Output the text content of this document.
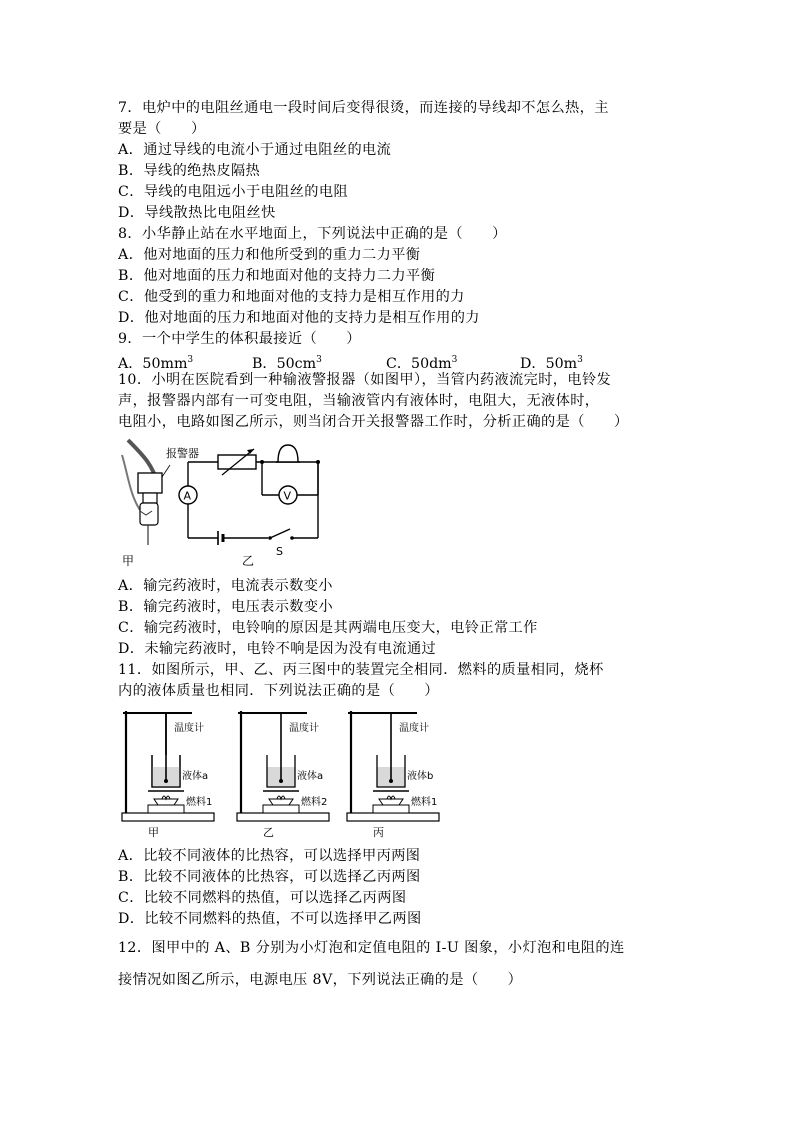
7．电炉中的电阻丝通电一段时间后变得很烫，而连接的导线却不怎么热，主
要是（　　）
A．通过导线的电流小于通过电阻丝的电流
B．导线的绝热皮隔热
C．导线的电阻远小于电阻丝的电阻
D．导线散热比电阻丝快
8．小华静止站在水平地面上，下列说法中正确的是（　　）
A．他对地面的压力和他所受到的重力二力平衡
B．他对地面的压力和地面对他的支持力二力平衡
C．他受到的重力和地面对他的支持力是相互作用的力
D．他对地面的压力和地面对他的支持力是相互作用的力
9．一个中学生的体积最接近（　　）
A．$50mm^3$	B．$50cm^3$	C．$50dm^3$	D．$50m^3$
10．小明在医院看到一种输液警报器（如图甲），当管内药液流完时，电铃发
声，报警器内部有一可变电阻，当输液管内有液体时，电阻大，无液体时，
电阻小，电路如图乙所示，则当闭合开关报警器工作时，分析正确的是（　　）
报警器
甲
V
A
S
乙
A．输完药液时，电流表示数变小
B．输完药液时，电压表示数变小
C．输完药液时，电铃响的原因是其两端电压变大，电铃正常工作
D．未输完药液时，电铃不响是因为没有电流通过
11．如图所示，甲、乙、丙三图中的装置完全相同．燃料的质量相同，烧杯
内的液体质量也相同．下列说法正确的是（　　）
温度计
液体a
燃料1
甲
温度计
液体a
燃料2
乙
温度计
液体b
燃料1
丙
A．比较不同液体的比热容，可以选择甲丙两图
B．比较不同液体的比热容，可以选择乙丙两图
C．比较不同燃料的热值，可以选择乙丙两图
D．比较不同燃料的热值，不可以选择甲乙两图
12．图甲中的 A、B 分别为小灯泡和定值电阻的 I-U 图象，小灯泡和电阻的连
接情况如图乙所示，电源电压 8V，下列说法正确的是（　　）
